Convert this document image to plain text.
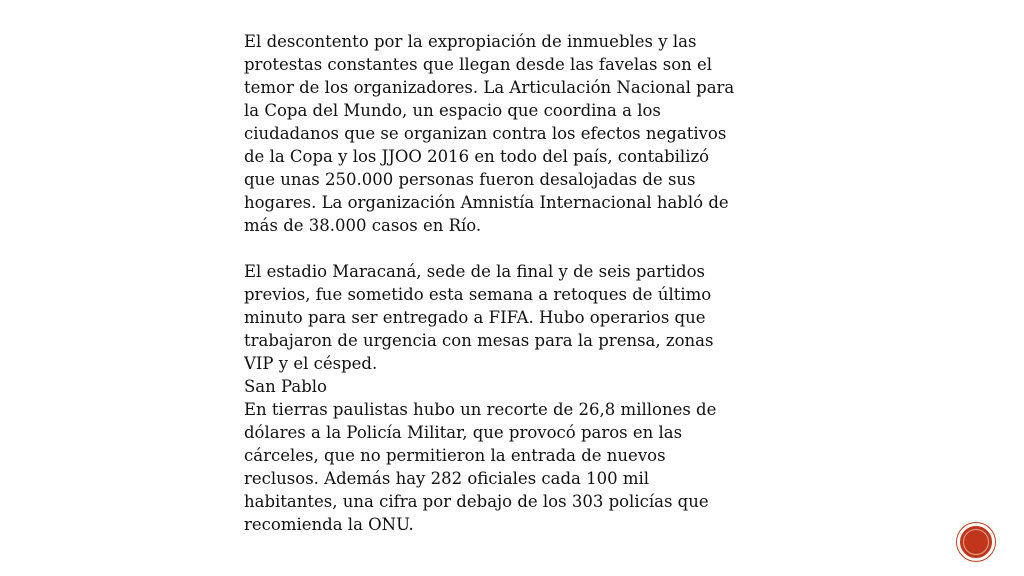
El descontento por la expropiación de inmuebles y las protestas constantes que llegan desde las favelas son el temor de los organizadores. La Articulación Nacional para la Copa del Mundo, un espacio que coordina a los ciudadanos que se organizan contra los efectos negativos de la Copa y los JJOO 2016 en todo del país, contabilizó que unas 250.000 personas fueron desalojadas de sus hogares. La organización Amnistía Internacional habló de más de 38.000 casos en Río.

El estadio Maracaná, sede de la final y de seis partidos previos, fue sometido esta semana a retoques de último minuto para ser entregado a FIFA. Hubo operarios que trabajaron de urgencia con mesas para la prensa, zonas VIP y el césped.

San Pablo

En tierras paulistas hubo un recorte de 26,8 millones de dólares a la Policía Militar, que provocó paros en las cárceles, que no permitieron la entrada de nuevos reclusos. Además hay 282 oficiales cada 100 mil habitantes, una cifra por debajo de los 303 policías que recomienda la ONU.
